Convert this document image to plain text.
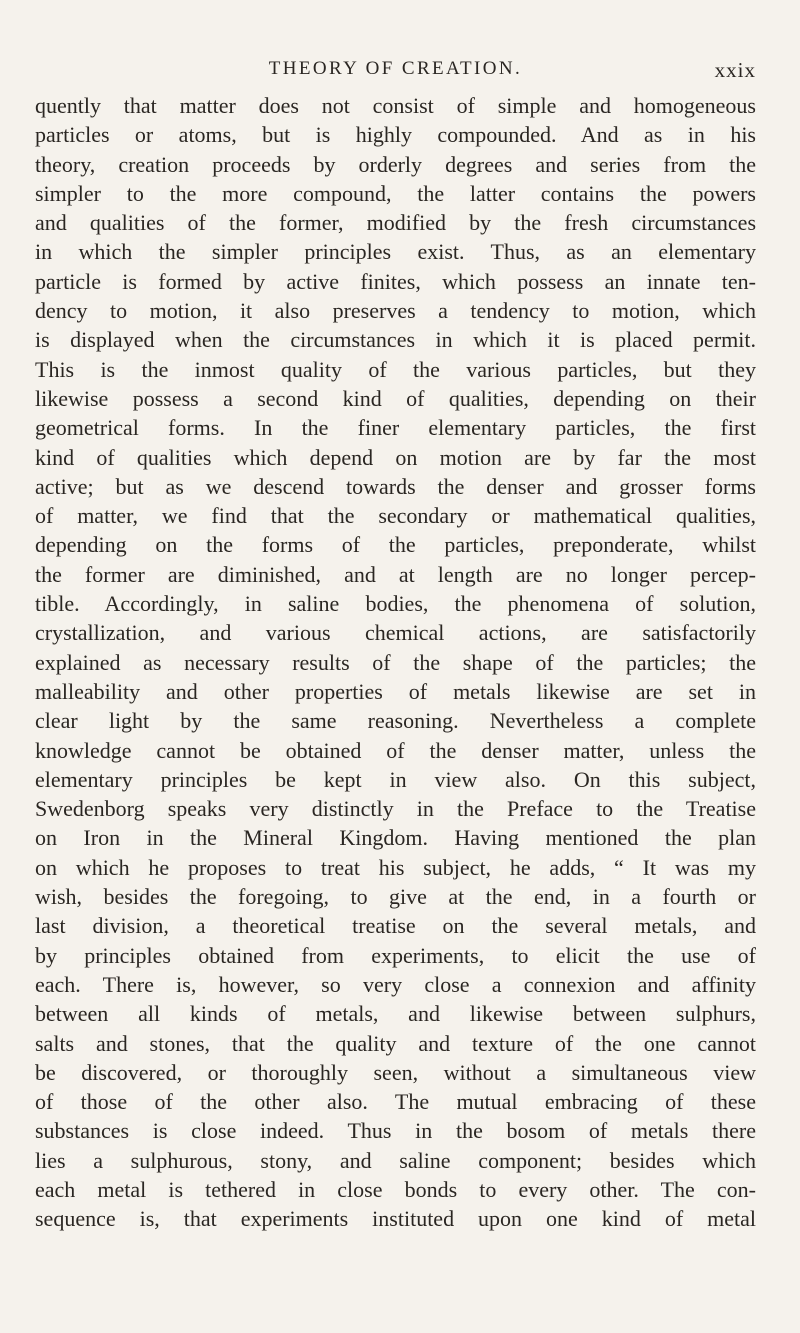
THEORY OF CREATION.	xxix
quently that matter does not consist of simple and homogeneous
particles or atoms, but is highly compounded. And as in his
theory, creation proceeds by orderly degrees and series from the
simpler to the more compound, the latter contains the powers
and qualities of the former, modified by the fresh circumstances
in which the simpler principles exist. Thus, as an elementary
particle is formed by active finites, which possess an innate ten-
dency to motion, it also preserves a tendency to motion, which
is displayed when the circumstances in which it is placed permit.
This is the inmost quality of the various particles, but they
likewise possess a second kind of qualities, depending on their
geometrical forms. In the finer elementary particles, the first
kind of qualities which depend on motion are by far the most
active; but as we descend towards the denser and grosser forms
of matter, we find that the secondary or mathematical qualities,
depending on the forms of the particles, preponderate, whilst
the former are diminished, and at length are no longer percep-
tible. Accordingly, in saline bodies, the phenomena of solution,
crystallization, and various chemical actions, are satisfactorily
explained as necessary results of the shape of the particles; the
malleability and other properties of metals likewise are set in
clear light by the same reasoning. Nevertheless a complete
knowledge cannot be obtained of the denser matter, unless the
elementary principles be kept in view also. On this subject,
Swedenborg speaks very distinctly in the Preface to the Treatise
on Iron in the Mineral Kingdom. Having mentioned the plan
on which he proposes to treat his subject, he adds, “ It was my
wish, besides the foregoing, to give at the end, in a fourth or
last division, a theoretical treatise on the several metals, and
by principles obtained from experiments, to elicit the use of
each. There is, however, so very close a connexion and affinity
between all kinds of metals, and likewise between sulphurs,
salts and stones, that the quality and texture of the one cannot
be discovered, or thoroughly seen, without a simultaneous view
of those of the other also. The mutual embracing of these
substances is close indeed. Thus in the bosom of metals there
lies a sulphurous, stony, and saline component; besides which
each metal is tethered in close bonds to every other. The con-
sequence is, that experiments instituted upon one kind of metal
